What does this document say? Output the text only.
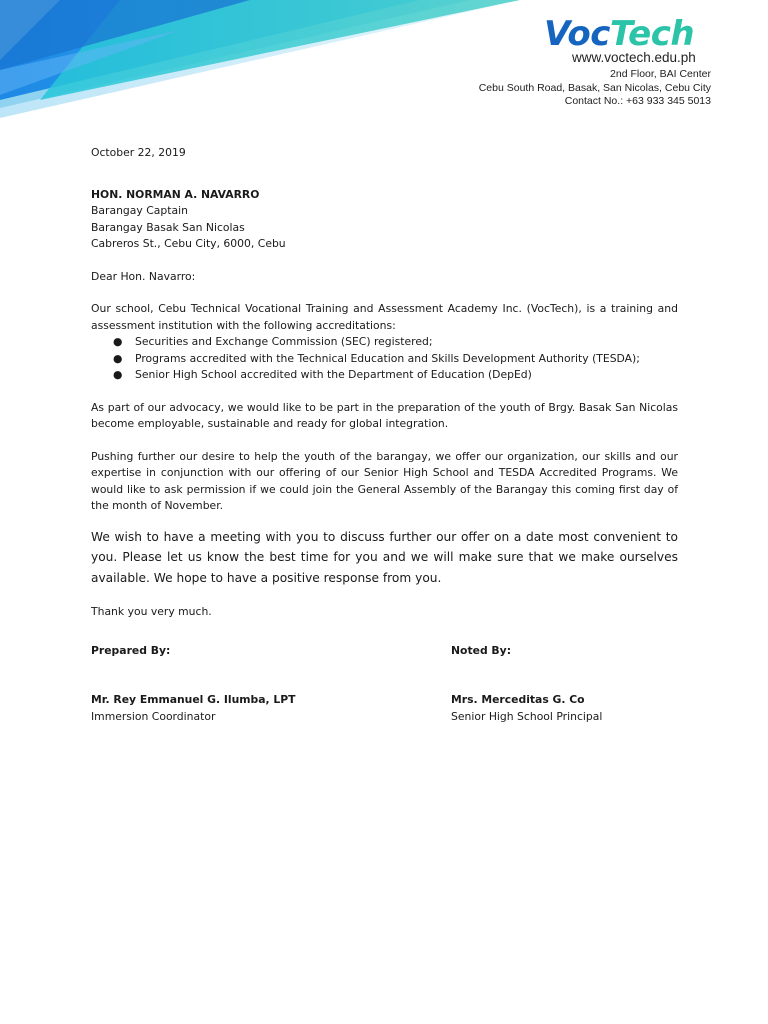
VocTech
www.voctech.edu.ph
2nd Floor, BAI Center
Cebu South Road, Basak, San Nicolas, Cebu City
Contact No.: +63 933 345 5013

October 22, 2019

HON. NORMAN A. NAVARRO

Barangay Captain

Barangay Basak San Nicolas

Cabreros St., Cebu City, 6000, Cebu

Dear Hon. Navarro:

Our school, Cebu Technical Vocational Training and Assessment Academy Inc. (VocTech), is a training and assessment institution with the following accreditations:

● Securities and Exchange Commission (SEC) registered;
● Programs accredited with the Technical Education and Skills Development Authority (TESDA);
● Senior High School accredited with the Department of Education (DepEd)

As part of our advocacy, we would like to be part in the preparation of the youth of Brgy. Basak San Nicolas become employable, sustainable and ready for global integration.

Pushing further our desire to help the youth of the barangay, we offer our organization, our skills and our expertise in conjunction with our offering of our Senior High School and TESDA Accredited Programs. We would like to ask permission if we could join the General Assembly of the Barangay this coming first day of the month of November.

We wish to have a meeting with you to discuss further our offer on a date most convenient to you. Please let us know the best time for you and we will make sure that we make ourselves available. We hope to have a positive response from you.

Thank you very much.

Prepared By:	Noted By:
Mr. Rey Emmanuel G. Ilumba, LPT	Mrs. Merceditas G. Co
Immersion Coordinator	Senior High School Principal
